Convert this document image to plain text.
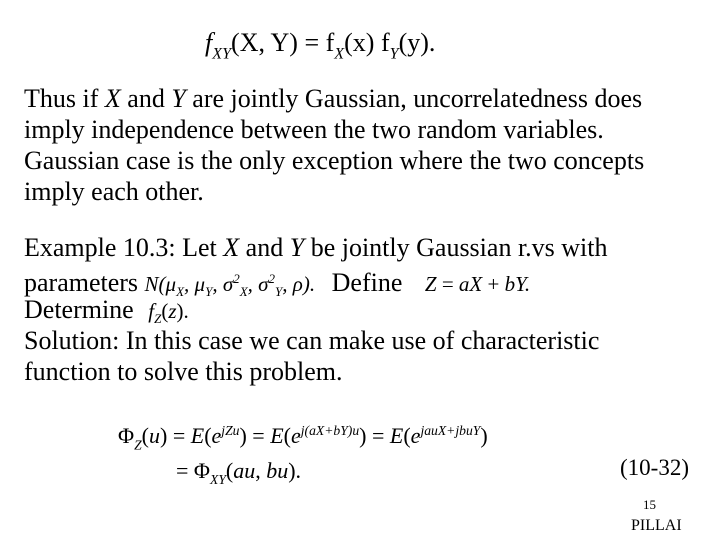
$f_{XY}(X$, $Y) = f_X(x)$ $f_Y(y)$.
Thus if X and Y are jointly Gaussian, uncorrelatedness does
imply independence between the two random variables.
Gaussian case is the only exception where the two concepts
imply each other.
Example 10.3: Let X and Y be jointly Gaussian r.vs with
parameters $N(\mu_X$, $\mu_Y$, $\sigma^2_X$, $\sigma^2_Y$, ρ). Define Z = aX + bY.
Determine $f_Z(z)$.
Solution: In this case we can make use of characteristic
function to solve this problem.
$\Phi_Z(u) = E(e^{jZu}) = E(e^{j(aX+bY)u}) = E(e^{jauX+jbuY})$
= $\Phi_{XY}(au$, bu).	(10-32)
15
PILLAI
